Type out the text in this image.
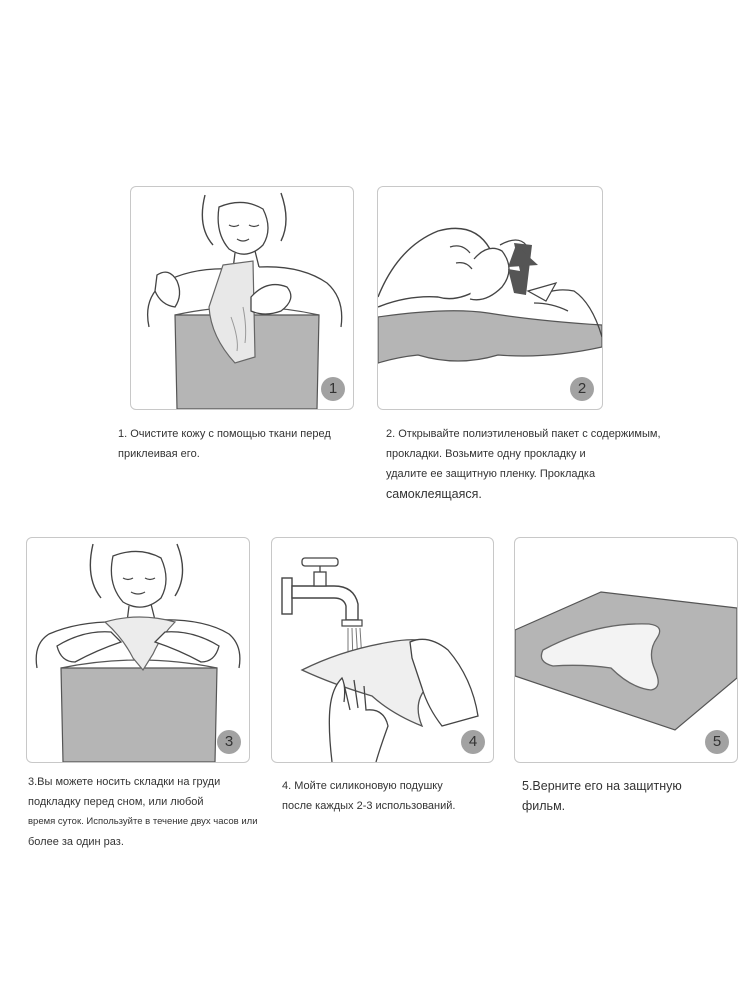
1	2
3	4	5
1. Очистите кожу с помощью ткани перед
приклеивая его.
2. Открывайте полиэтиленовый пакет с содержимым,
прокладки. Возьмите одну прокладку и
удалите ее защитную пленку. Прокладка
самоклеящаяся.
3.Вы можете носить складки на груди
подкладку перед сном, или любой
время суток. Используйте в течение двух часов или
более за один раз.
4. Мойте силиконовую подушку
после каждых 2-3 использований.
5.Верните его на защитную
фильм.
